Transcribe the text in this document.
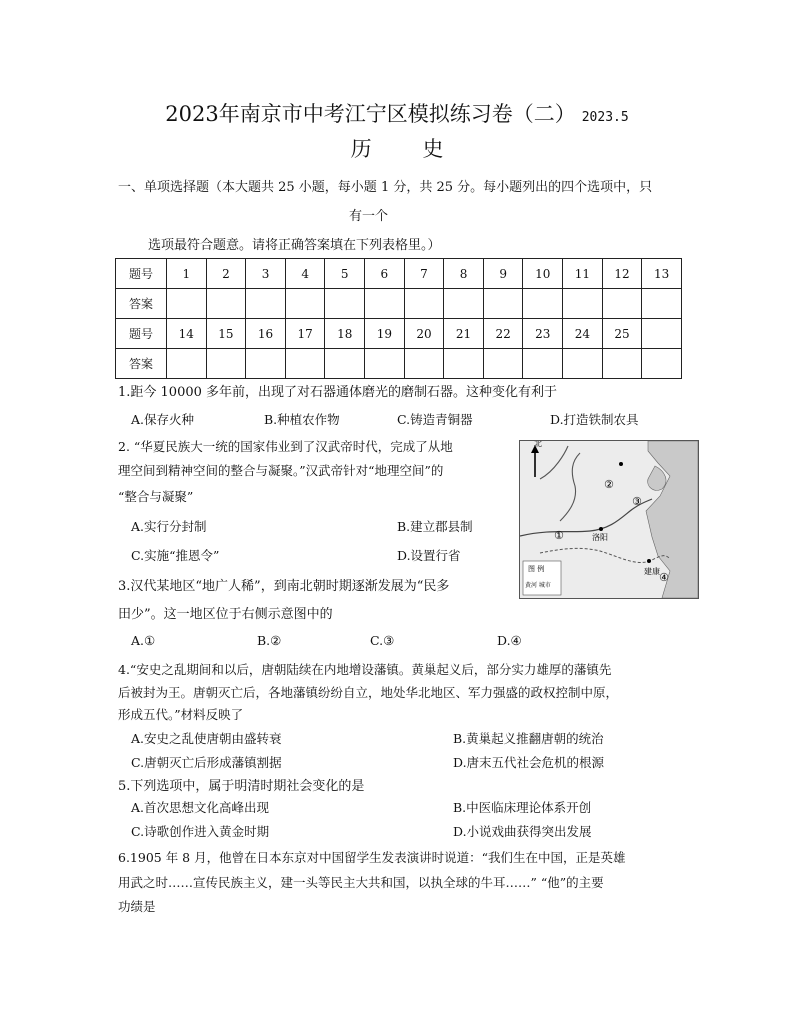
2023年南京市中考江宁区模拟练习卷（二） 2023.5
历 史
一、单项选择题（本大题共 25 小题，每小题 1 分，共 25 分。每小题列出的四个选项中，只
有一个
选项最符合题意。请将正确答案填在下列表格里。）
题号	1	2	3	4	5	6	7	8	9	10	11	12	13
答案													
题号	14	15	16	17	18	19	20	21	22	23	24	25	
答案													
1.距今 10000 多年前，出现了对石器通体磨光的磨制石器。这种变化有利于
A.保存火种	B.种植农作物	C.铸造青铜器	D.打造铁制农具
2. “华夏民族大一统的国家伟业到了汉武帝时代，完成了从地
理空间到精神空间的整合与凝聚。”汉武帝针对“地理空间”的
“整合与凝聚”
A.实行分封制	B.建立郡县制
C.实施“推恩令”	D.设置行省
北
洛阳
建康
图 例
黄河 城市
①
②
③
④
3.汉代某地区“地广人稀”，到南北朝时期逐渐发展为“民多
田少”。这一地区位于右侧示意图中的
A.①	B.②	C.③	D.④
4.“安史之乱期间和以后，唐朝陆续在内地增设藩镇。黄巢起义后，部分实力雄厚的藩镇先
后被封为王。唐朝灭亡后，各地藩镇纷纷自立，地处华北地区、军力强盛的政权控制中原，
形成五代。”材料反映了
A.安史之乱使唐朝由盛转衰	B.黄巢起义推翻唐朝的统治
C.唐朝灭亡后形成藩镇割据	D.唐末五代社会危机的根源
5.下列选项中，属于明清时期社会变化的是
A.首次思想文化高峰出现	B.中医临床理论体系开创
C.诗歌创作进入黄金时期	D.小说戏曲获得突出发展
6.1905 年 8 月，他曾在日本东京对中国留学生发表演讲时说道：“我们生在中国，正是英雄
用武之时……宣传民族主义，建一头等民主大共和国，以执全球的牛耳……” “他”的主要
功绩是
